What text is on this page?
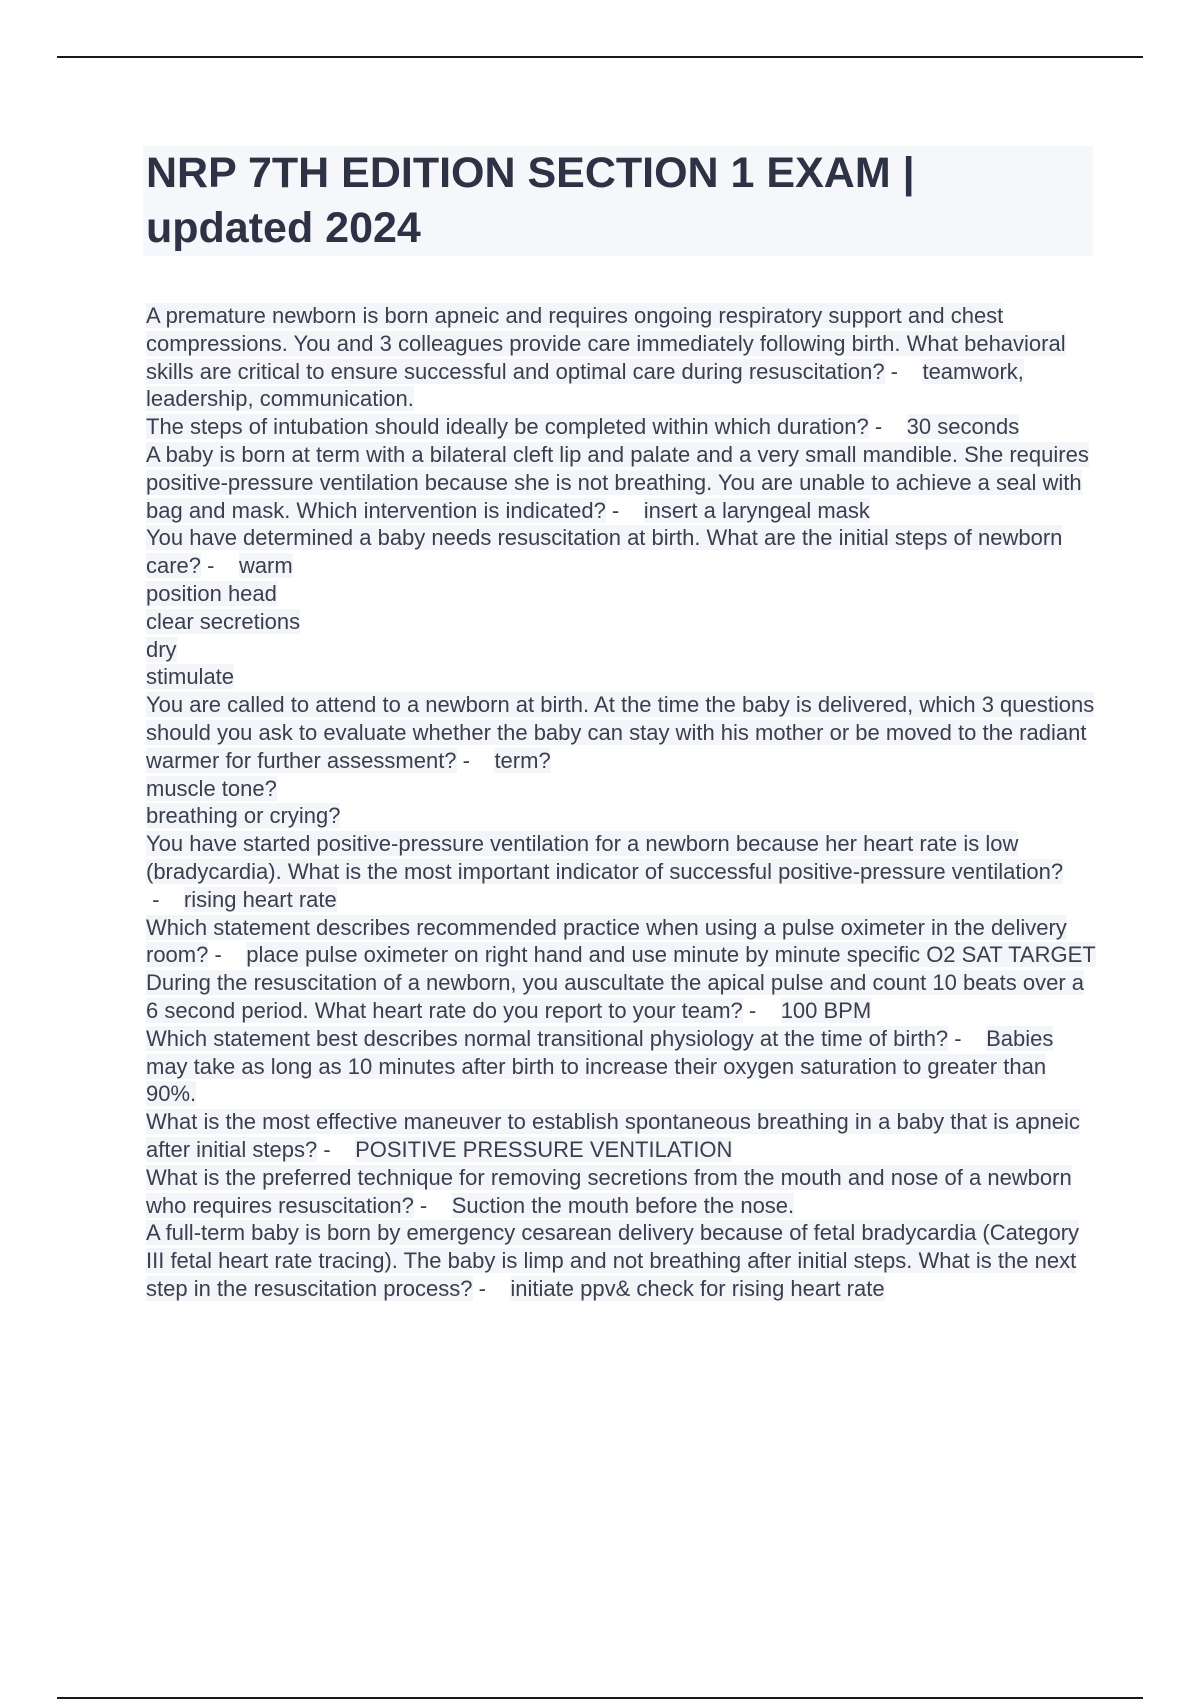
NRP 7TH EDITION SECTION 1 EXAM | updated 2024

A premature newborn is born apneic and requires ongoing respiratory support and chest compressions. You and 3 colleagues provide care immediately following birth. What behavioral skills are critical to ensure successful and optimal care during resuscitation? -    teamwork, leadership, communication.

The steps of intubation should ideally be completed within which duration? -    30 seconds

A baby is born at term with a bilateral cleft lip and palate and a very small mandible. She requires positive-pressure ventilation because she is not breathing. You are unable to achieve a seal with bag and mask. Which intervention is indicated? -    insert a laryngeal mask

You have determined a baby needs resuscitation at birth. What are the initial steps of newborn care? -    warm
position head
clear secretions
dry
stimulate

You are called to attend to a newborn at birth. At the time the baby is delivered, which 3 questions should you ask to evaluate whether the baby can stay with his mother or be moved to the radiant warmer for further assessment? -    term?
muscle tone?
breathing or crying?

You have started positive-pressure ventilation for a newborn because her heart rate is low (bradycardia). What is the most important indicator of successful positive-pressure ventilation? -    rising heart rate

Which statement describes recommended practice when using a pulse oximeter in the delivery room? -    place pulse oximeter on right hand and use minute by minute specific O2 SAT TARGET

During the resuscitation of a newborn, you auscultate the apical pulse and count 10 beats over a 6 second period. What heart rate do you report to your team? -    100 BPM

Which statement best describes normal transitional physiology at the time of birth? -    Babies may take as long as 10 minutes after birth to increase their oxygen saturation to greater than 90%.

What is the most effective maneuver to establish spontaneous breathing in a baby that is apneic after initial steps? -    POSITIVE PRESSURE VENTILATION

What is the preferred technique for removing secretions from the mouth and nose of a newborn who requires resuscitation? -    Suction the mouth before the nose.

A full-term baby is born by emergency cesarean delivery because of fetal bradycardia (Category III fetal heart rate tracing). The baby is limp and not breathing after initial steps. What is the next step in the resuscitation process? -    initiate ppv& check for rising heart rate
